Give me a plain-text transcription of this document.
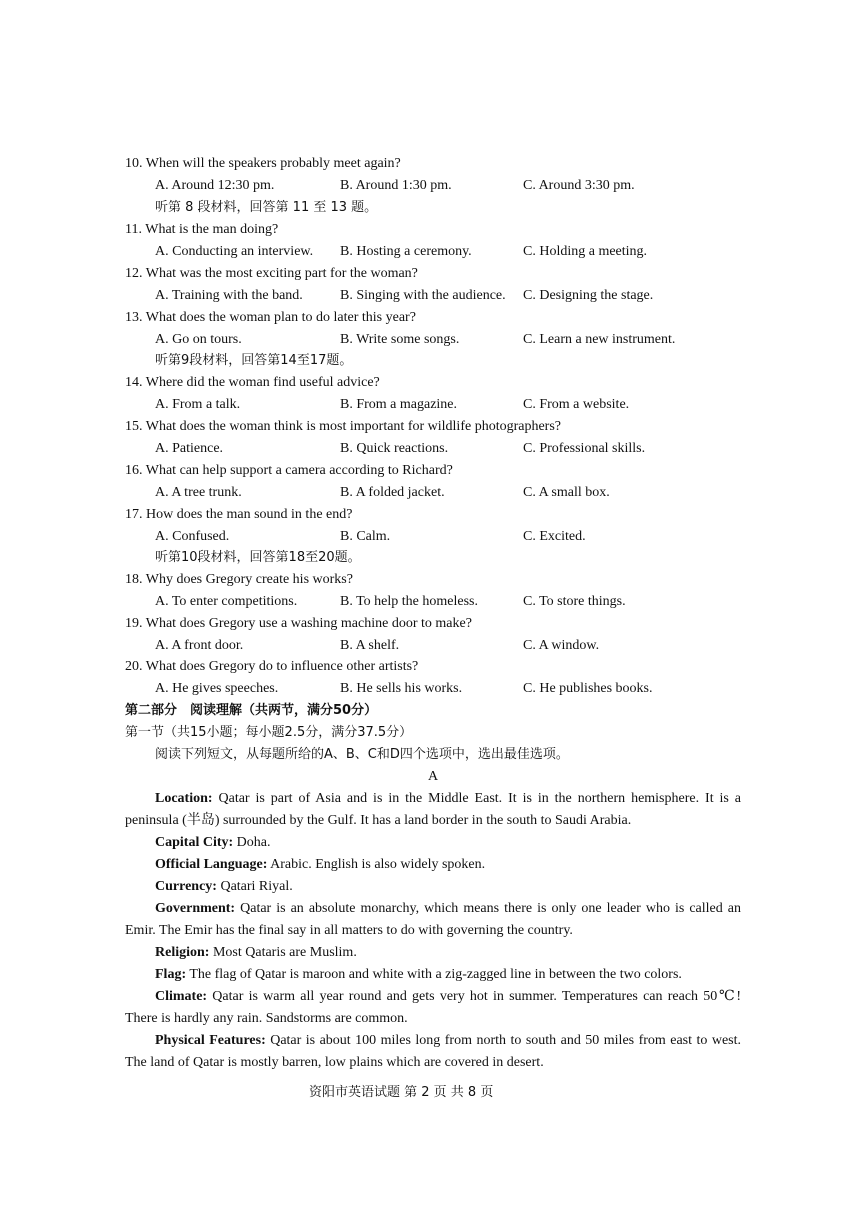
10. When will the speakers probably meet again?
A. Around 12:30 pm.	B. Around 1:30 pm.	C. Around 3:30 pm.
听第 8 段材料，回答第 11 至 13 题。
11. What is the man doing?
A. Conducting an interview. B. Hosting a ceremony.	C. Holding a meeting.
12. What was the most exciting part for the woman?
A. Training with the band.	B. Singing with the audience. C. Designing the stage.
13. What does the woman plan to do later this year?
A. Go on tours.	B. Write some songs.	C. Learn a new instrument.
听第9段材料，回答第14至17题。
14. Where did the woman find useful advice?
A. From a talk.	B. From a magazine.	C. From a website.
15. What does the woman think is most important for wildlife photographers?
A. Patience.	B. Quick reactions.	C. Professional skills.
16. What can help support a camera according to Richard?
A. A tree trunk.	B. A folded jacket.	C. A small box.
17. How does the man sound in the end?
A. Confused.	B. Calm.	C. Excited.
听第10段材料，回答第18至20题。
18. Why does Gregory create his works?
A. To enter competitions.	B. To help the homeless.	C. To store things.
19. What does Gregory use a washing machine door to make?
A. A front door.	B. A shelf.	C. A window.
20. What does Gregory do to influence other artists?
A. He gives speeches.	B. He sells his works.	C. He publishes books.
第二部分　阅读理解（共两节，满分50分）
第一节（共15小题；每小题2.5分，满分37.5分）
阅读下列短文，从每题所给的A、B、C和D四个选项中，选出最佳选项。
A
Location: Qatar is part of Asia and is in the Middle East. It is in the northern hemisphere. It is a peninsula (半岛) surrounded by the Gulf. It has a land border in the south to Saudi Arabia.
Capital City: Doha.
Official Language: Arabic. English is also widely spoken.
Currency: Qatari Riyal.
Government: Qatar is an absolute monarchy, which means there is only one leader who is called an Emir. The Emir has the final say in all matters to do with governing the country.
Religion: Most Qataris are Muslim.
Flag: The flag of Qatar is maroon and white with a zig-zagged line in between the two colors.
Climate: Qatar is warm all year round and gets very hot in summer. Temperatures can reach 50℃! There is hardly any rain. Sandstorms are common.
Physical Features: Qatar is about 100 miles long from north to south and 50 miles from east to west. The land of Qatar is mostly barren, low plains which are covered in desert.
资阳市英语试题 第 2 页 共 8 页
